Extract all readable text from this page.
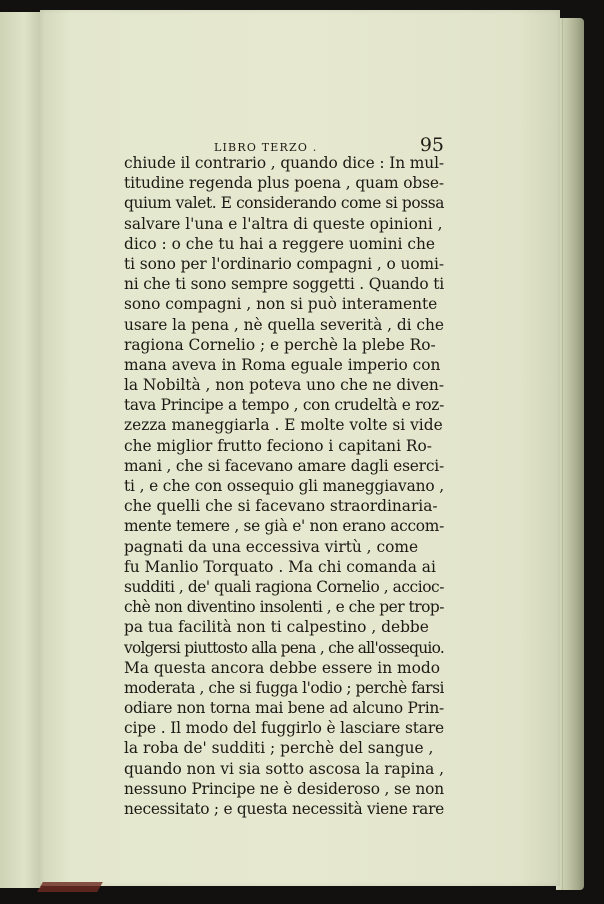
LIBRO TERZO .	95
chiude il contrario , quando dice : In mul-
titudine regenda plus poena , quam obse-
quium valet. E considerando come si possa
salvare l'una e l'altra di queste opinioni ,
dico : o che tu hai a reggere uomini che
ti sono per l'ordinario compagni , o uomi-
ni che ti sono sempre soggetti . Quando ti
sono compagni , non si può interamente
usare la pena , nè quella severità , di che
ragiona Cornelio ; e perchè la plebe Ro-
mana aveva in Roma eguale imperio con
la Nobiltà , non poteva uno che ne diven-
tava Principe a tempo , con crudeltà e roz-
zezza maneggiarla . E molte volte si vide
che miglior frutto feciono i capitani Ro-
mani , che si facevano amare dagli eserci-
ti , e che con ossequio gli maneggiavano ,
che quelli che si facevano straordinaria-
mente temere , se già e' non erano accom-
pagnati da una eccessiva virtù , come
fu Manlio Torquato . Ma chi comanda ai
sudditi , de' quali ragiona Cornelio , accioc-
chè non diventino insolenti , e che per trop-
pa tua facilità non ti calpestino , debbe
volgersi piuttosto alla pena , che all'ossequio.
Ma questa ancora debbe essere in modo
moderata , che si fugga l'odio ; perchè farsi
odiare non torna mai bene ad alcuno Prin-
cipe . Il modo del fuggirlo è lasciare stare
la roba de' sudditi ; perchè del sangue ,
quando non vi sia sotto ascosa la rapina ,
nessuno Principe ne è desideroso , se non
necessitato ; e questa necessità viene rare
